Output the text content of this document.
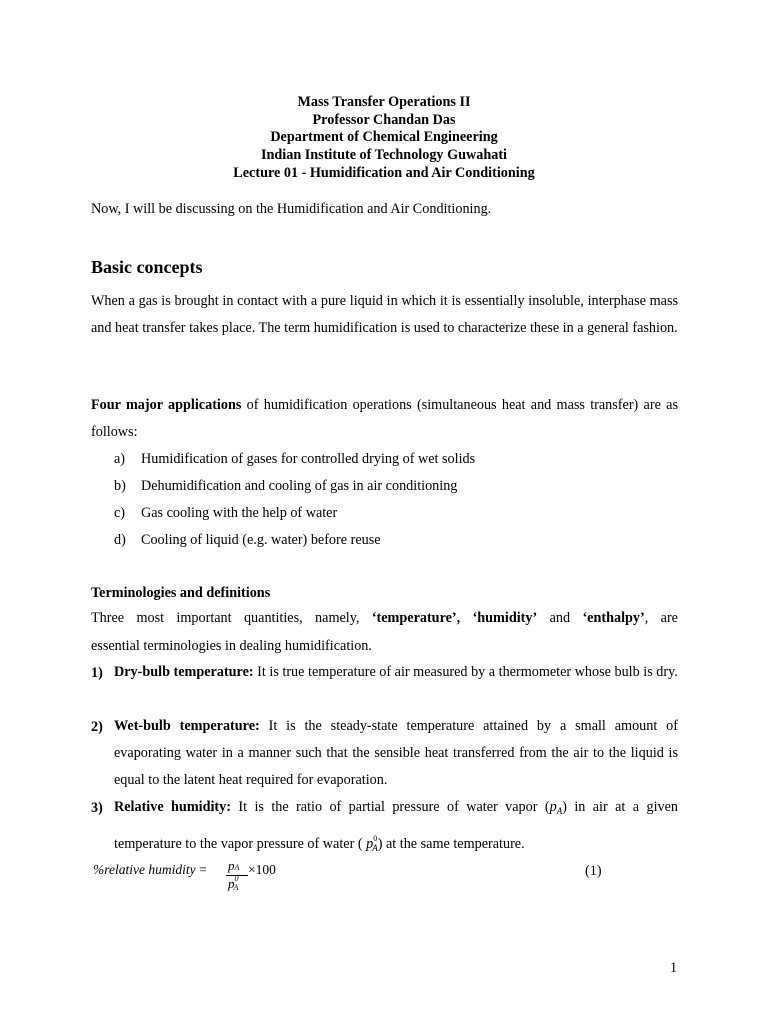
Mass Transfer Operations II
Professor Chandan Das
Department of Chemical Engineering
Indian Institute of Technology Guwahati
Lecture 01 - Humidification and Air Conditioning
Now, I will be discussing on the Humidification and Air Conditioning.
Basic concepts
When a gas is brought in contact with a pure liquid in which it is essentially insoluble, interphase mass and heat transfer takes place. The term humidification is used to characterize these in a general fashion.
Four major applications of humidification operations (simultaneous heat and mass transfer) are as follows:
a) Humidification of gases for controlled drying of wet solids
b) Dehumidification and cooling of gas in air conditioning
c) Gas cooling with the help of water
d) Cooling of liquid (e.g. water) before reuse
Terminologies and definitions
Three most important quantities, namely, ‘temperature’, ‘humidity’ and ‘enthalpy’, are
essential terminologies in dealing humidification.
1) Dry-bulb temperature: It is true temperature of air measured by a thermometer whose bulb is dry.
2) Wet-bulb temperature: It is the steady-state temperature attained by a small amount of evaporating water in a manner such that the sensible heat transferred from the air to the liquid is equal to the latent heat required for evaporation.
3) Relative humidity: It is the ratio of partial pressure of water vapor $(p_A)$ in air at a given temperature to the vapor pressure of water ( $p^0_A$) at the same temperature.
%relative humidity = pA
$p^0A$
×100	(1)
1
